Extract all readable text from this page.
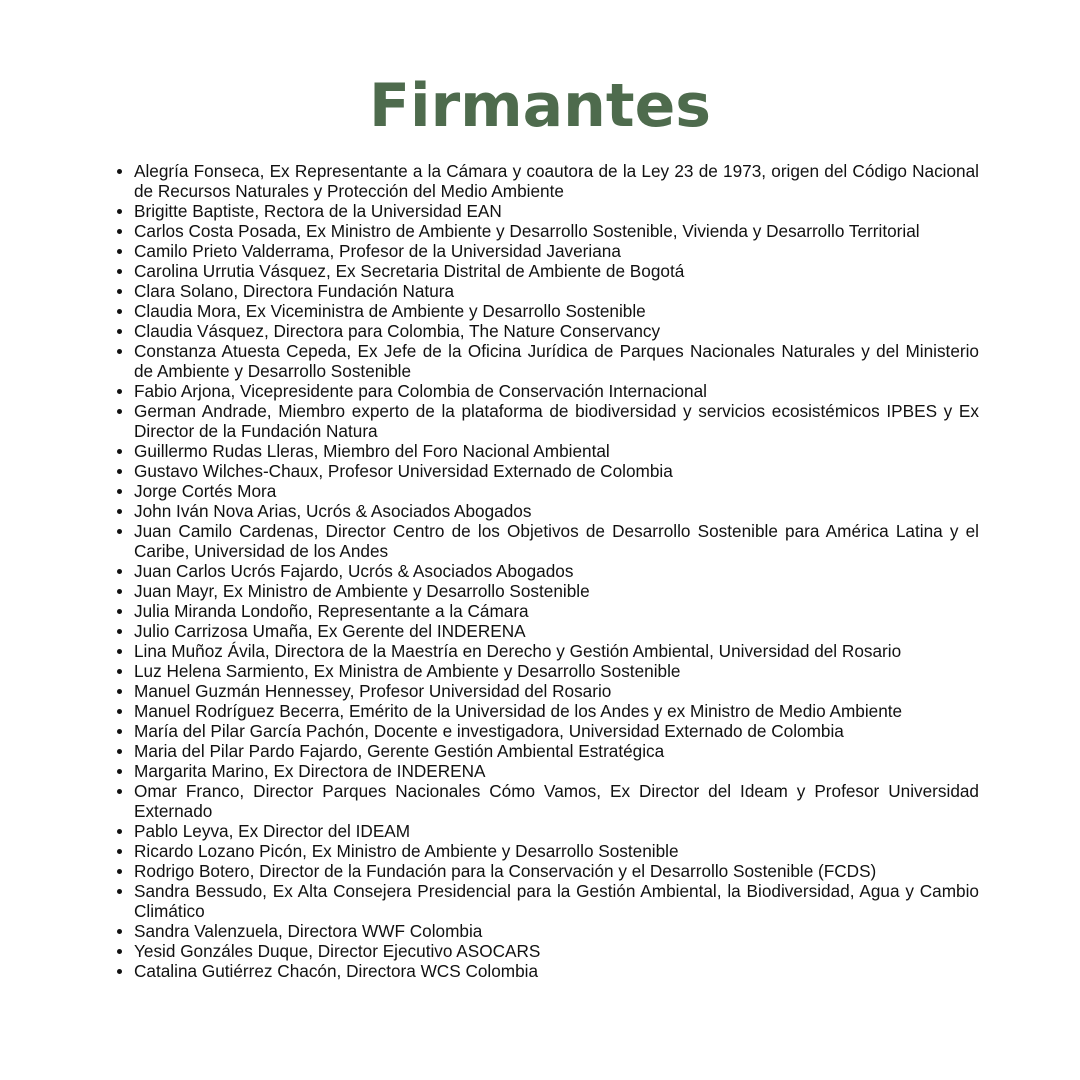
Firmantes
Alegría Fonseca, Ex Representante a la Cámara y coautora de la Ley 23 de 1973, origen del Código Nacional de Recursos Naturales y Protección del Medio Ambiente
Brigitte Baptiste, Rectora de la Universidad EAN
Carlos Costa Posada, Ex Ministro de Ambiente y Desarrollo Sostenible, Vivienda y Desarrollo Territorial
Camilo Prieto Valderrama, Profesor de la Universidad Javeriana
Carolina Urrutia Vásquez, Ex Secretaria Distrital de Ambiente de Bogotá
Clara Solano, Directora Fundación Natura
Claudia Mora, Ex Viceministra de Ambiente y Desarrollo Sostenible
Claudia Vásquez, Directora para Colombia, The Nature Conservancy
Constanza Atuesta Cepeda, Ex Jefe de la Oficina Jurídica de Parques Nacionales Naturales y del Ministerio de Ambiente y Desarrollo Sostenible
Fabio Arjona, Vicepresidente para Colombia de Conservación Internacional
German Andrade, Miembro experto de la plataforma de biodiversidad y servicios ecosistémicos IPBES y Ex Director de la Fundación Natura
Guillermo Rudas Lleras, Miembro del Foro Nacional Ambiental
Gustavo Wilches-Chaux, Profesor Universidad Externado de Colombia
Jorge Cortés Mora
John Iván Nova Arias, Ucrós & Asociados Abogados
Juan Camilo Cardenas, Director Centro de los Objetivos de Desarrollo Sostenible para América Latina y el Caribe, Universidad de los Andes
Juan Carlos Ucrós Fajardo, Ucrós & Asociados Abogados
Juan Mayr, Ex Ministro de Ambiente y Desarrollo Sostenible
Julia Miranda Londoño, Representante a la Cámara
Julio Carrizosa Umaña, Ex Gerente del INDERENA
Lina Muñoz Ávila, Directora de la Maestría en Derecho y Gestión Ambiental, Universidad del Rosario
Luz Helena Sarmiento, Ex Ministra de Ambiente y Desarrollo Sostenible
Manuel Guzmán Hennessey, Profesor Universidad del Rosario
Manuel Rodríguez Becerra, Emérito de la Universidad de los Andes y ex Ministro de Medio Ambiente
María del Pilar García Pachón, Docente e investigadora, Universidad Externado de Colombia
Maria del Pilar Pardo Fajardo, Gerente Gestión Ambiental Estratégica
Margarita Marino, Ex Directora de INDERENA
Omar Franco, Director Parques Nacionales Cómo Vamos, Ex Director del Ideam y Profesor Universidad Externado
Pablo Leyva, Ex Director del IDEAM
Ricardo Lozano Picón, Ex Ministro de Ambiente y Desarrollo Sostenible
Rodrigo Botero, Director de la Fundación para la Conservación y el Desarrollo Sostenible (FCDS)
Sandra Bessudo, Ex Alta Consejera Presidencial para la Gestión Ambiental, la Biodiversidad, Agua y Cambio Climático
Sandra Valenzuela, Directora WWF Colombia
Yesid Gonzáles Duque, Director Ejecutivo ASOCARS
Catalina Gutiérrez Chacón, Directora WCS Colombia
